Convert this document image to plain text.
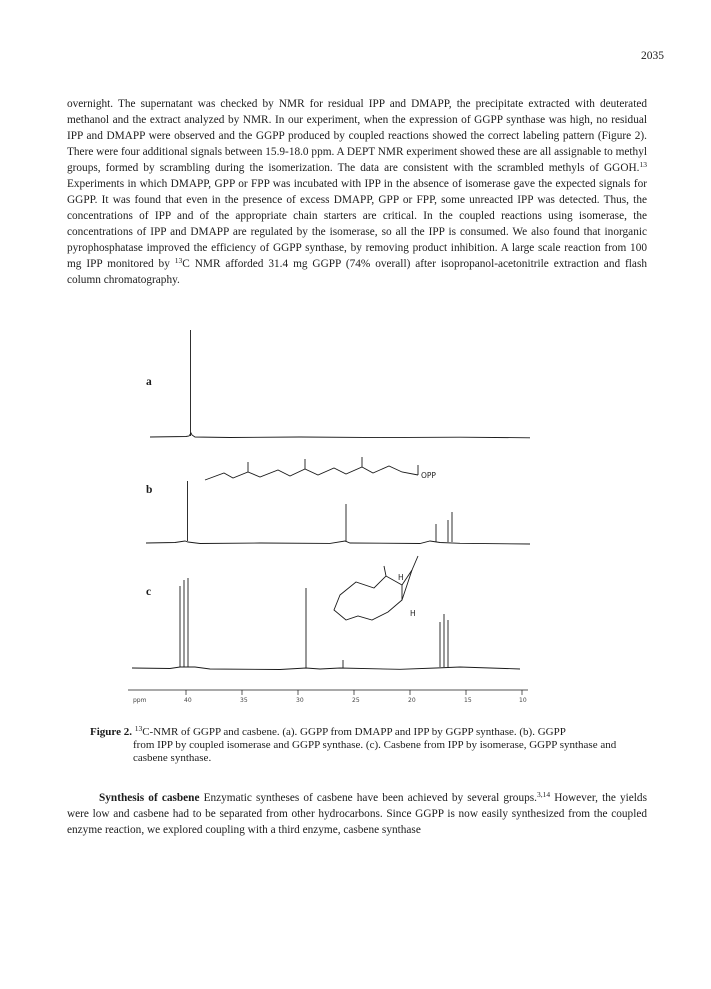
2035

overnight. The supernatant was checked by NMR for residual IPP and DMAPP, the precipitate extracted with deuterated methanol and the extract analyzed by NMR. In our experiment, when the expression of GGPP synthase was high, no residual IPP and DMAPP were observed and the GGPP produced by coupled reactions showed the correct labeling pattern (Figure 2). There were four additional signals between 15.9-18.0 ppm. A DEPT NMR experiment showed these are all assignable to methyl groups, formed by scrambling during the isomerization. The data are consistent with the scrambled methyls of GGOH.$^{13}$ Experiments in which DMAPP, GPP or FPP was incubated with IPP in the absence of isomerase gave the expected signals for GGPP. It was found that even in the presence of excess DMAPP, GPP or FPP, some unreacted IPP was detected. Thus, the concentrations of IPP and of the appropriate chain starters are critical. In the coupled reactions using isomerase, the concentrations of IPP and DMAPP are regulated by the isomerase, so all the IPP is consumed. We also found that inorganic pyrophosphatase improved the efficiency of GGPP synthase, by removing product inhibition. A large scale reaction from 100 mg IPP monitored by $^{13}$C NMR afforded 31.4 mg GGPP (74% overall) after isopropanol-acetonitrile extraction and flash column chromatography.

a
b
c
OPP
H
H
ppm	40	35	30	25	20	15	10

Figure 2. $^{13}$C-NMR of GGPP and casbene. (a). GGPP from DMAPP and IPP by GGPP synthase. (b). GGPP
from IPP by coupled isomerase and GGPP synthase. (c). Casbene from IPP by isomerase, GGPP synthase and casbene synthase.

Synthesis of casbene Enzymatic syntheses of casbene have been achieved by several groups.$^{3,14}$ However, the yields were low and casbene had to be separated from other hydrocarbons. Since GGPP is now easily synthesized from the coupled enzyme reaction, we explored coupling with a third enzyme, casbene synthase
